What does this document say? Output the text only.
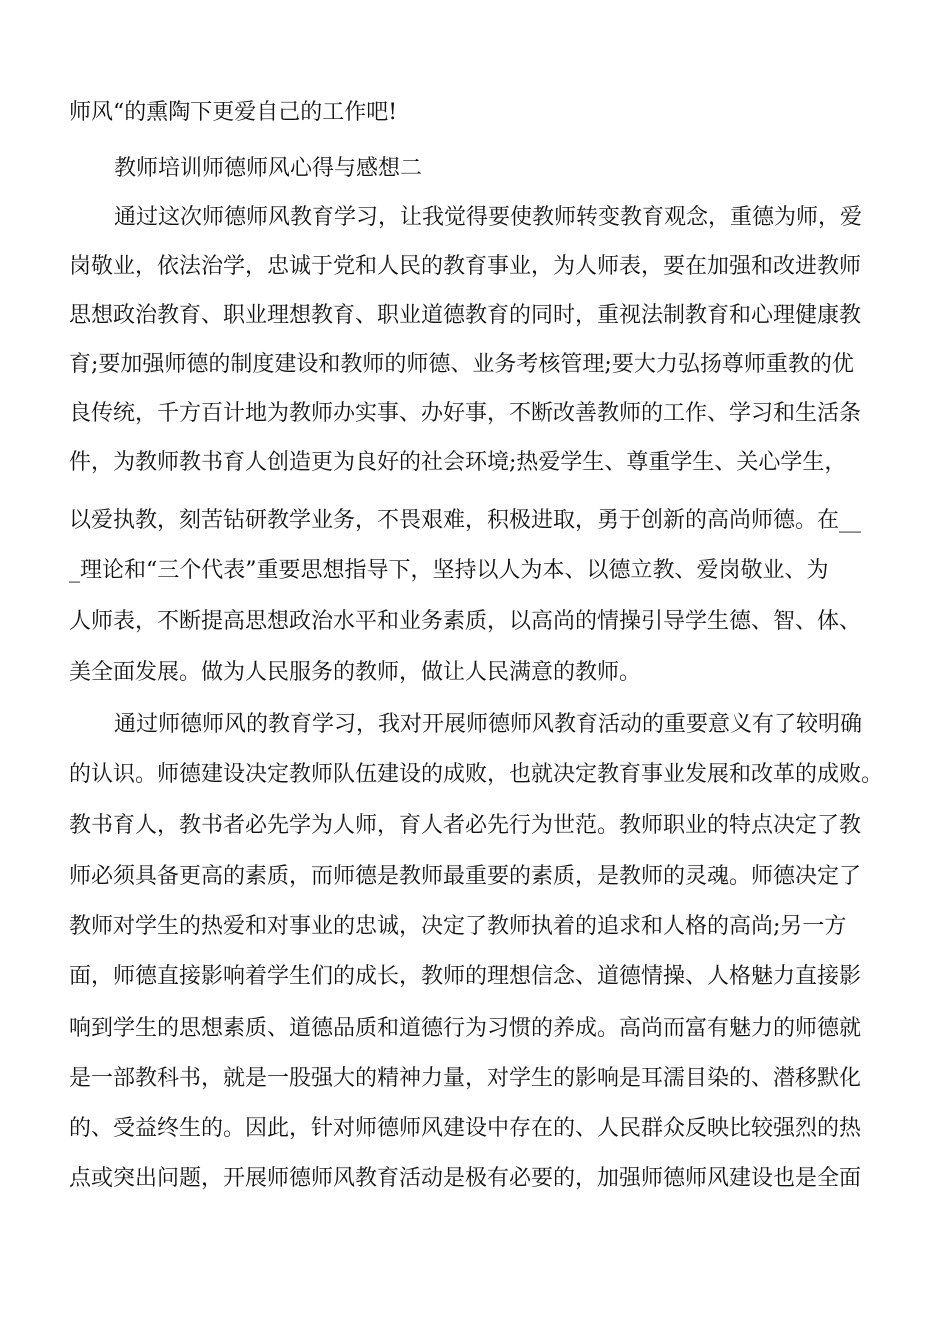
师风“的熏陶下更爱自己的工作吧!
教师培训师德师风心得与感想二
通过这次师德师风教育学习，让我觉得要使教师转变教育观念，重德为师，爱
岗敬业，依法治学，忠诚于党和人民的教育事业，为人师表，要在加强和改进教师
思想政治教育、职业理想教育、职业道德教育的同时，重视法制教育和心理健康教
育;要加强师德的制度建设和教师的师德、业务考核管理;要大力弘扬尊师重教的优
良传统，千方百计地为教师办实事、办好事，不断改善教师的工作、学习和生活条
件，为教师教书育人创造更为良好的社会环境;热爱学生、尊重学生、关心学生，
以爱执教，刻苦钻研教学业务，不畏艰难，积极进取，勇于创新的高尚师德。在__
_理论和“三个代表”重要思想指导下，坚持以人为本、以德立教、爱岗敬业、为
人师表，不断提高思想政治水平和业务素质，以高尚的情操引导学生德、智、体、
美全面发展。做为人民服务的教师，做让人民满意的教师。
通过师德师风的教育学习，我对开展师德师风教育活动的重要意义有了较明确
的认识。师德建设决定教师队伍建设的成败，也就决定教育事业发展和改革的成败。
教书育人，教书者必先学为人师，育人者必先行为世范。教师职业的特点决定了教
师必须具备更高的素质，而师德是教师最重要的素质，是教师的灵魂。师德决定了
教师对学生的热爱和对事业的忠诚，决定了教师执着的追求和人格的高尚;另一方
面，师德直接影响着学生们的成长，教师的理想信念、道德情操、人格魅力直接影
响到学生的思想素质、道德品质和道德行为习惯的养成。高尚而富有魅力的师德就
是一部教科书，就是一股强大的精神力量，对学生的影响是耳濡目染的、潜移默化
的、受益终生的。因此，针对师德师风建设中存在的、人民群众反映比较强烈的热
点或突出问题，开展师德师风教育活动是极有必要的，加强师德师风建设也是全面
